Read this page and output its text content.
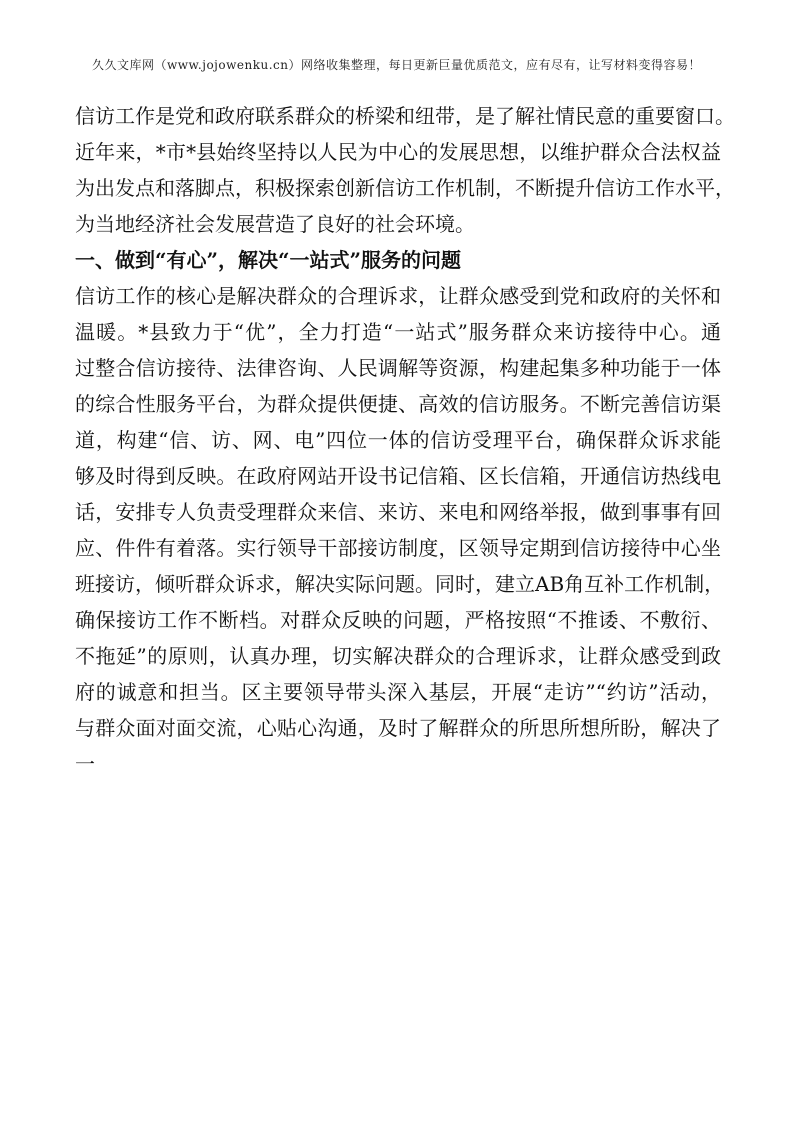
久久文库网（www.jojowenku.cn）网络收集整理，每日更新巨量优质范文，应有尽有，让写材料变得容易！
信访工作是党和政府联系群众的桥梁和纽带，是了解社情民意的重要窗口。
近年来，*市*县始终坚持以人民为中心的发展思想，以维护群众合法权益
为出发点和落脚点，积极探索创新信访工作机制，不断提升信访工作水平，
为当地经济社会发展营造了良好的社会环境。
一、做到“有心”，解决“一站式”服务的问题
信访工作的核心是解决群众的合理诉求，让群众感受到党和政府的关怀和
温暖。*县致力于“优”，全力打造“一站式”服务群众来访接待中心。通
过整合信访接待、法律咨询、人民调解等资源，构建起集多种功能于一体
的综合性服务平台，为群众提供便捷、高效的信访服务。不断完善信访渠
道，构建“信、访、网、电”四位一体的信访受理平台，确保群众诉求能
够及时得到反映。在政府网站开设书记信箱、区长信箱，开通信访热线电
话，安排专人负责受理群众来信、来访、来电和网络举报，做到事事有回
应、件件有着落。实行领导干部接访制度，区领导定期到信访接待中心坐
班接访，倾听群众诉求，解决实际问题。同时，建立AB角互补工作机制，
确保接访工作不断档。对群众反映的问题，严格按照“不推诿、不敷衍、
不拖延”的原则，认真办理，切实解决群众的合理诉求，让群众感受到政
府的诚意和担当。区主要领导带头深入基层，开展“走访”“约访”活动，
与群众面对面交流，心贴心沟通，及时了解群众的所思所想所盼，解决了
一
